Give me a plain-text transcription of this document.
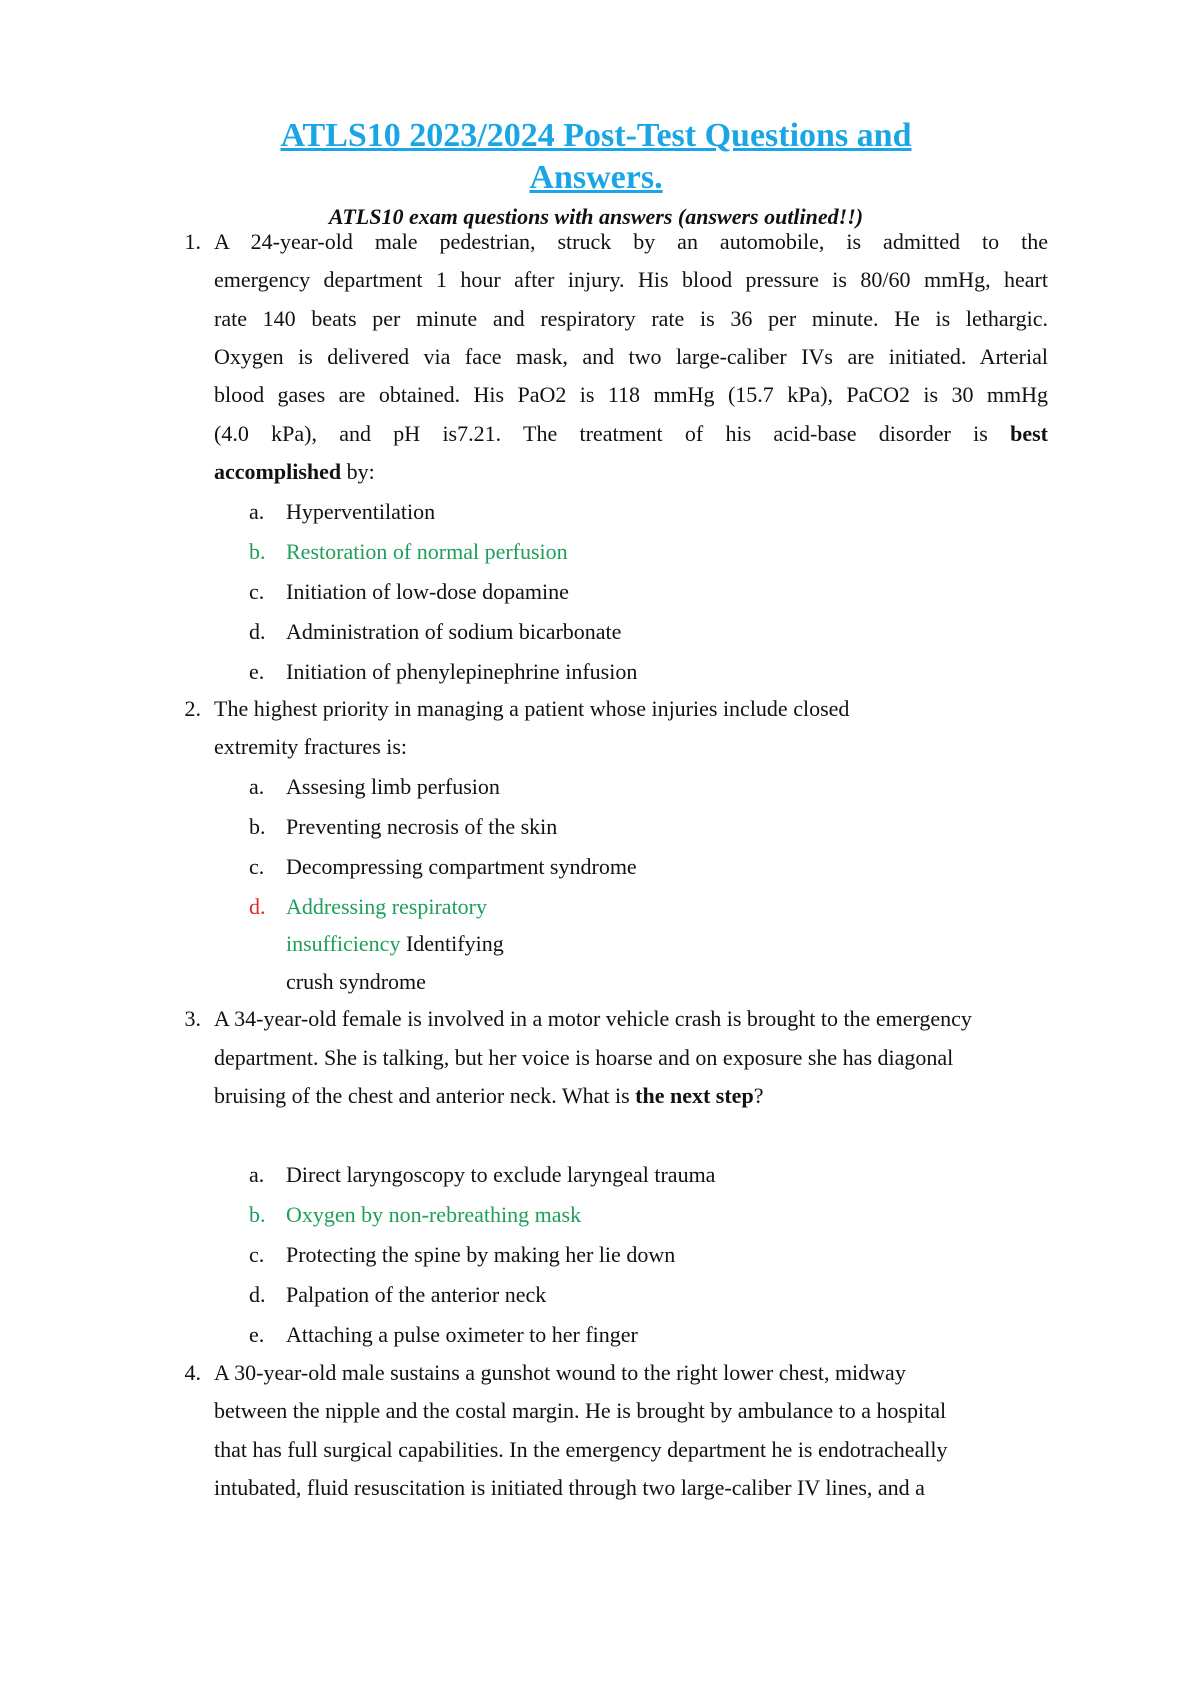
ATLS10 2023/2024 Post-Test Questions and
Answers.
ATLS10 exam questions with answers (answers outlined!!)
1. A 24-year-old male pedestrian, struck by an automobile, is admitted to the
emergency department 1 hour after injury. His blood pressure is 80/60 mmHg, heart
rate 140 beats per minute and respiratory rate is 36 per minute. He is lethargic.
Oxygen is delivered via face mask, and two large-caliber IVs are initiated. Arterial
blood gases are obtained. His PaO2 is 118 mmHg (15.7 kPa), PaCO2 is 30 mmHg
(4.0 kPa), and pH is7.21. The treatment of his acid-base disorder is best
accomplished by:
a. Hyperventilation
b. Restoration of normal perfusion
c. Initiation of low-dose dopamine
d. Administration of sodium bicarbonate
e. Initiation of phenylepinephrine infusion
2. The highest priority in managing a patient whose injuries include closed
extremity fractures is:
a. Assesing limb perfusion
b. Preventing necrosis of the skin
c. Decompressing compartment syndrome
d. Addressing respiratory
insufficiency Identifying
crush syndrome
3. A 34-year-old female is involved in a motor vehicle crash is brought to the emergency
department. She is talking, but her voice is hoarse and on exposure she has diagonal
bruising of the chest and anterior neck. What is the next step?
a. Direct laryngoscopy to exclude laryngeal trauma
b. Oxygen by non-rebreathing mask
c. Protecting the spine by making her lie down
d. Palpation of the anterior neck
e. Attaching a pulse oximeter to her finger
4. A 30-year-old male sustains a gunshot wound to the right lower chest, midway
between the nipple and the costal margin. He is brought by ambulance to a hospital
that has full surgical capabilities. In the emergency department he is endotracheally
intubated, fluid resuscitation is initiated through two large-caliber IV lines, and a
